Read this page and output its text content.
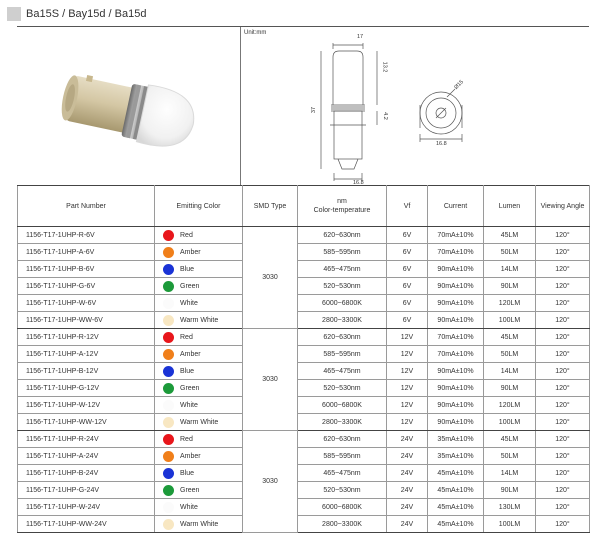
Ba15S / Bay15d / Ba15d
Unit:mm
17
13.2
4.2
37
16.8
Ø15
16.8
Part Number	Emitting Color	SMD Type	nm
Color-temperature	Vf	Current	Lumen	Viewing Angle
1156-T17-1UHP-R-6V	Red	3030	620~630nm	6V	70mA±10%	45LM	120°
1156-T17-1UHP-A-6V	Amber		585~595nm	6V	70mA±10%	50LM	120°
1156-T17-1UHP-B-6V	Blue		465~475nm	6V	90mA±10%	14LM	120°
1156-T17-1UHP-G-6V	Green		520~530nm	6V	90mA±10%	90LM	120°
1156-T17-1UHP-W-6V	White		6000~6800K	6V	90mA±10%	120LM	120°
1156-T17-1UHP-WW-6V	Warm White		2800~3300K	6V	90mA±10%	100LM	120°
1156-T17-1UHP-R-12V	Red	3030	620~630nm	12V	70mA±10%	45LM	120°
1156-T17-1UHP-A-12V	Amber		585~595nm	12V	70mA±10%	50LM	120°
1156-T17-1UHP-B-12V	Blue		465~475nm	12V	90mA±10%	14LM	120°
1156-T17-1UHP-G-12V	Green		520~530nm	12V	90mA±10%	90LM	120°
1156-T17-1UHP-W-12V	White		6000~6800K	12V	90mA±10%	120LM	120°
1156-T17-1UHP-WW-12V	Warm White		2800~3300K	12V	90mA±10%	100LM	120°
1156-T17-1UHP-R-24V	Red	3030	620~630nm	24V	35mA±10%	45LM	120°
1156-T17-1UHP-A-24V	Amber		585~595nm	24V	35mA±10%	50LM	120°
1156-T17-1UHP-B-24V	Blue		465~475nm	24V	45mA±10%	14LM	120°
1156-T17-1UHP-G-24V	Green		520~530nm	24V	45mA±10%	90LM	120°
1156-T17-1UHP-W-24V	White		6000~6800K	24V	45mA±10%	130LM	120°
1156-T17-1UHP-WW-24V	Warm White		2800~3300K	24V	45mA±10%	100LM	120°
